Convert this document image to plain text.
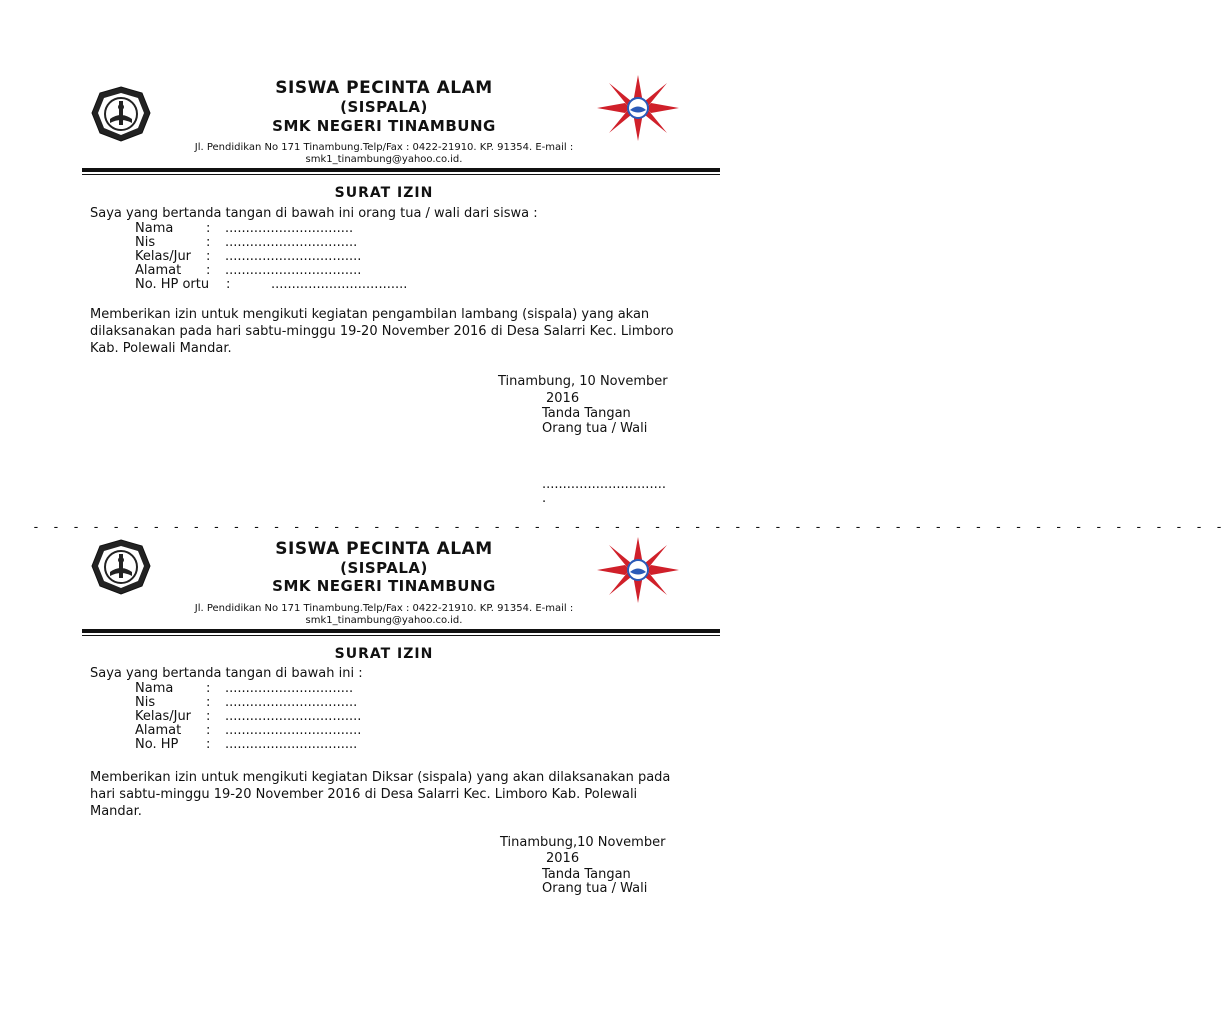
SISWA PECINTA ALAM
(SISPALA)
SMK NEGERI TINAMBUNG
Jl. Pendidikan No 171 Tinambung.Telp/Fax : 0422-21910. KP. 91354. E-mail :
smk1_tinambung@yahoo.co.id.
SURAT IZIN
Saya yang bertanda tangan di bawah ini orang tua / wali dari siswa :
Nama	: ...............................
Nis	: ................................
Kelas/Jur : .................................
Alamat : .................................
No. HP ortu :	.................................
Memberikan izin untuk mengikuti kegiatan pengambilan lambang (sispala) yang akan dilaksanakan pada hari sabtu-minggu 19-20 November 2016 di Desa Salarri Kec. Limboro Kab. Polewali Mandar.
Tinambung, 10 November
2016
Tanda Tangan
Orang tua / Wali
..............................
.
- - - - - - - - - - - - - - - - - - - - - - - - - - - - - - - - - - - - - - - - - - - - - - - - - - - - - - - - - - - -
SISWA PECINTA ALAM
(SISPALA)
SMK NEGERI TINAMBUNG
Jl. Pendidikan No 171 Tinambung.Telp/Fax : 0422-21910. KP. 91354. E-mail :
smk1_tinambung@yahoo.co.id.
SURAT IZIN
Saya yang bertanda tangan di bawah ini :
Nama	: ...............................
Nis	: ................................
Kelas/Jur : .................................
Alamat : .................................
No. HP : ................................
Memberikan izin untuk mengikuti kegiatan Diksar (sispala) yang akan dilaksanakan pada hari sabtu-minggu 19-20 November 2016 di Desa Salarri Kec. Limboro Kab. Polewali Mandar.
Tinambung,10 November
2016
Tanda Tangan
Orang tua / Wali
